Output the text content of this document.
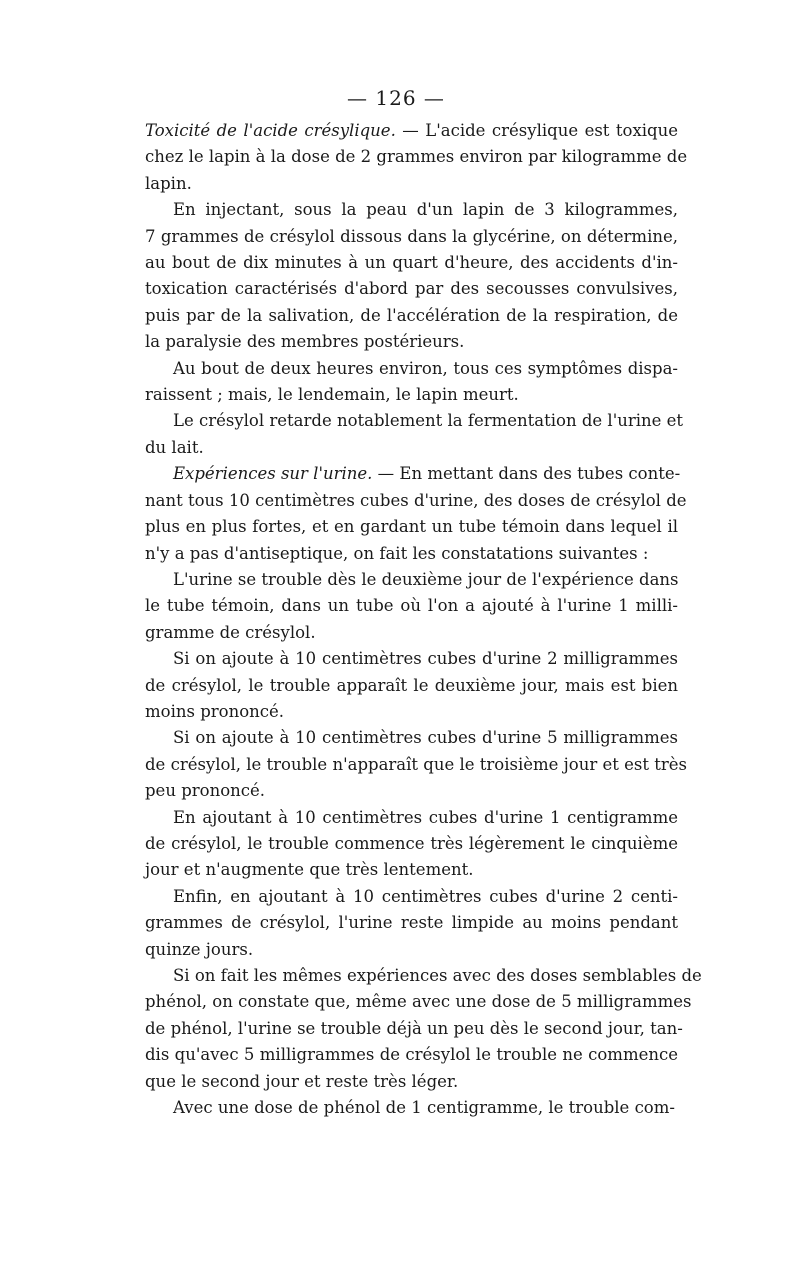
— 126 —
Toxicité de l'acide crésylique. — L'acide crésylique est toxique
chez le lapin à la dose de 2 grammes environ par kilogramme de
lapin.
En injectant, sous la peau d'un lapin de 3 kilogrammes,
7 grammes de crésylol dissous dans la glycérine, on détermine,
au bout de dix minutes à un quart d'heure, des accidents d'in-
toxication caractérisés d'abord par des secousses convulsives,
puis par de la salivation, de l'accélération de la respiration, de
la paralysie des membres postérieurs.
Au bout de deux heures environ, tous ces symptômes dispa-
raissent ; mais, le lendemain, le lapin meurt.
Le crésylol retarde notablement la fermentation de l'urine et
du lait.
Expériences sur l'urine. — En mettant dans des tubes conte-
nant tous 10 centimètres cubes d'urine, des doses de crésylol de
plus en plus fortes, et en gardant un tube témoin dans lequel il
n'y a pas d'antiseptique, on fait les constatations suivantes :
L'urine se trouble dès le deuxième jour de l'expérience dans
le tube témoin, dans un tube où l'on a ajouté à l'urine 1 milli-
gramme de crésylol.
Si on ajoute à 10 centimètres cubes d'urine 2 milligrammes
de crésylol, le trouble apparaît le deuxième jour, mais est bien
moins prononcé.
Si on ajoute à 10 centimètres cubes d'urine 5 milligrammes
de crésylol, le trouble n'apparaît que le troisième jour et est très
peu prononcé.
En ajoutant à 10 centimètres cubes d'urine 1 centigramme
de crésylol, le trouble commence très légèrement le cinquième
jour et n'augmente que très lentement.
Enfin, en ajoutant à 10 centimètres cubes d'urine 2 centi-
grammes de crésylol, l'urine reste limpide au moins pendant
quinze jours.
Si on fait les mêmes expériences avec des doses semblables de
phénol, on constate que, même avec une dose de 5 milligrammes
de phénol, l'urine se trouble déjà un peu dès le second jour, tan-
dis qu'avec 5 milligrammes de crésylol le trouble ne commence
que le second jour et reste très léger.
Avec une dose de phénol de 1 centigramme, le trouble com-
